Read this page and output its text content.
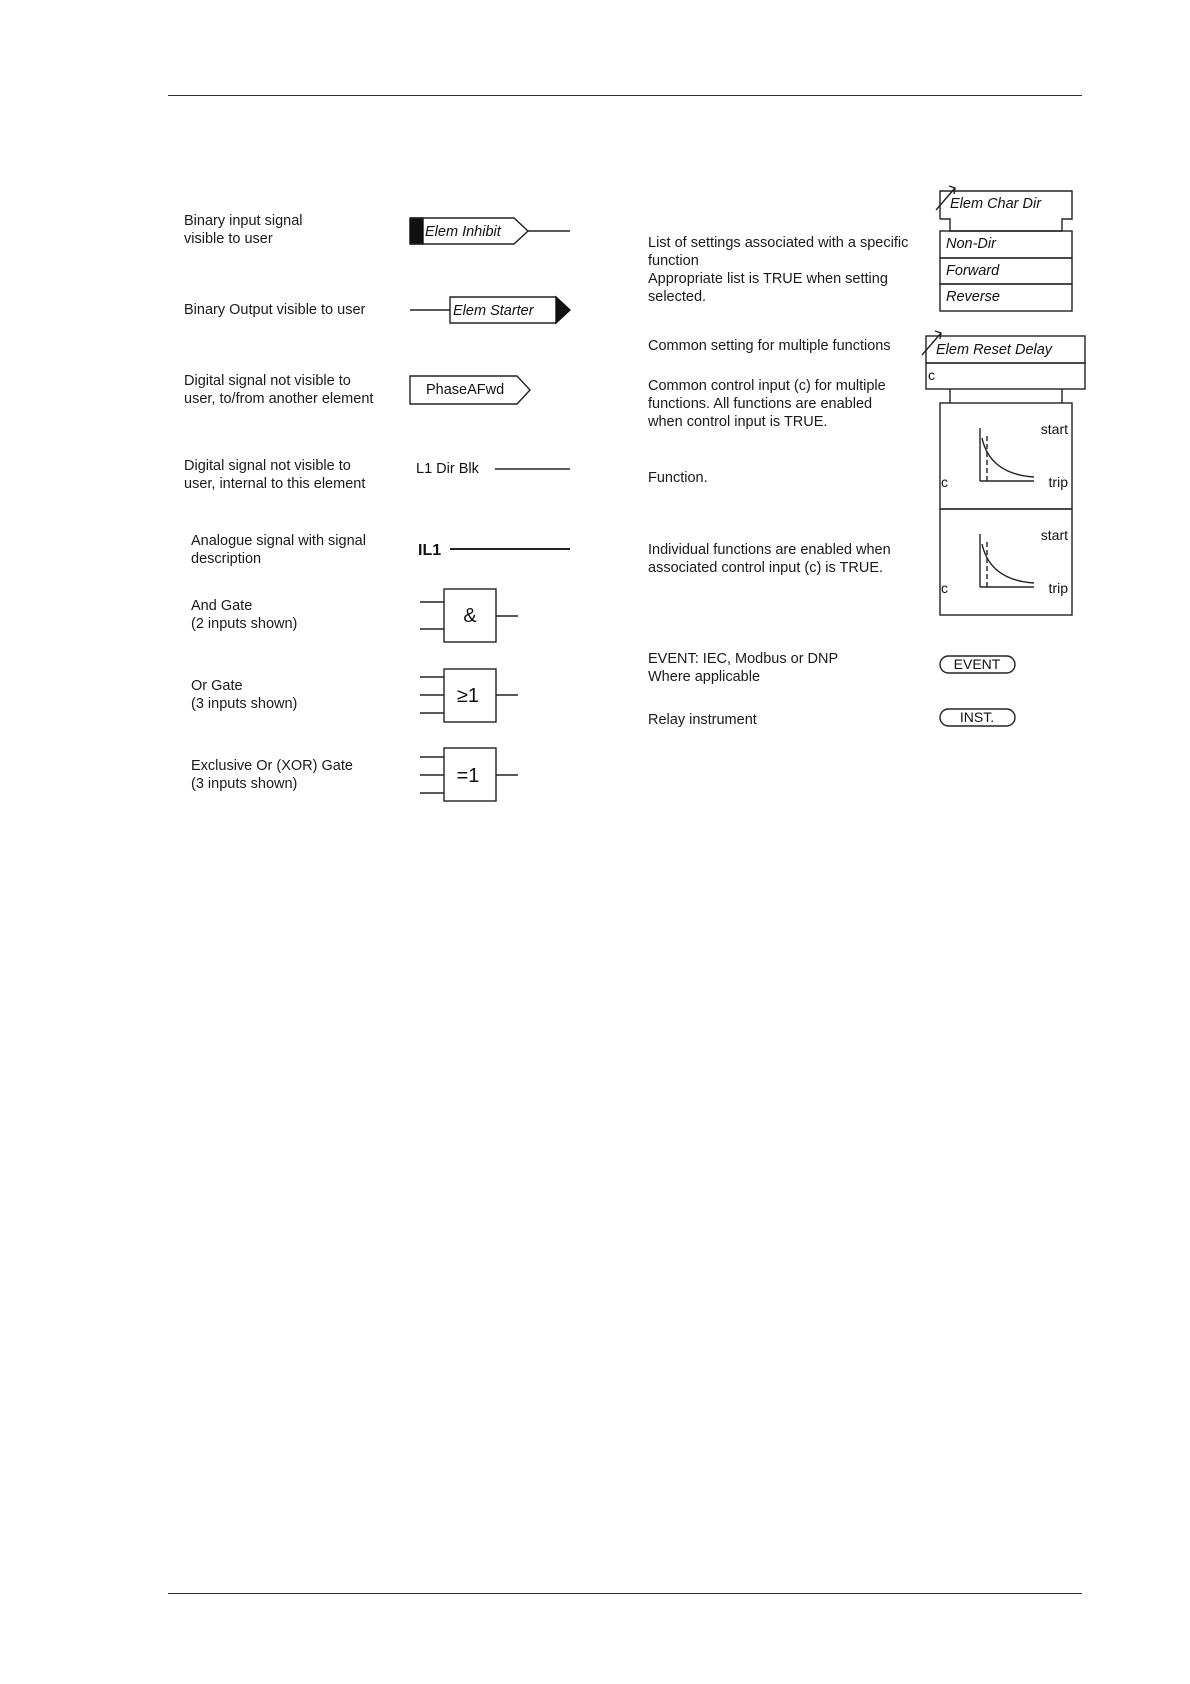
Binary input signal
visible to user
Binary Output visible to user
Digital signal not visible to
user, to/from another element
Digital signal not visible to
user, internal to this element
Analogue signal with signal
description
And Gate
(2 inputs shown)
Or Gate
(3 inputs shown)
Exclusive Or (XOR) Gate
(3 inputs shown)
List of settings associated with a specific
function
Appropriate list is TRUE when setting
selected.
Common setting for multiple functions
Common control input (c) for multiple
functions. All functions are enabled
when control input is TRUE.
Function.
Individual functions are enabled when
associated control input (c) is TRUE.
EVENT: IEC, Modbus or DNP
Where applicable
Relay instrument
Elem Inhibit
Elem Starter
PhaseAFwd
L1 Dir Blk
IL1
&
≥1
=1
Elem Char Dir
Non-Dir
Forward
Reverse
Elem Reset Delay
c
start
trip
c
start
trip
c
EVENT
INST.
